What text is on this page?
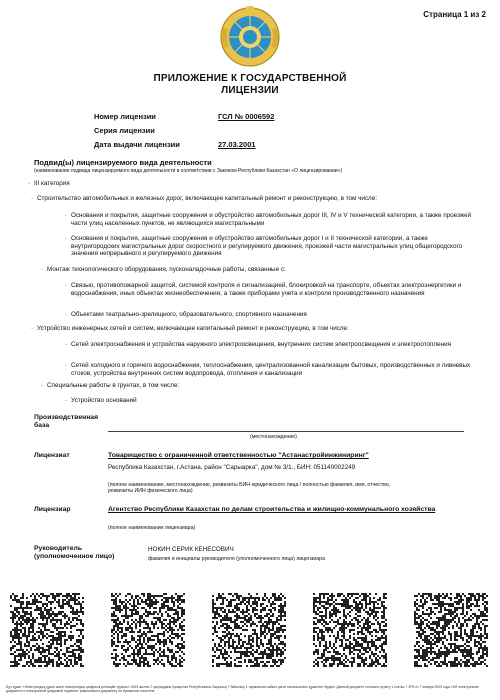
Страница 1 из 2
ПРИЛОЖЕНИЕ К ГОСУДАРСТВЕННОЙ
ЛИЦЕНЗИИ
Номер лицензии	ГСЛ № 0006592
Серия лицензии
Дата выдачи лицензии	27.03.2001
Подвид(ы) лицензируемого вида деятельности
(наименование подвида лицензируемого вида деятельности в соответствии с Законом Республики Казахстан «О лицензировании»)
· III категория
· Строительство автомобильных и железных дорог, включающее капитальный ремонт и реконструкцию, в том числе:
· Основания и покрытия, защитные сооружения и обустройство автомобильных дорог III, IV и V технической категории, а также проезжей части улиц населенных пунктов, не являющихся магистральными
· Основания и покрытия, защитные сооружения и обустройство автомобильных дорог I и II технической категории, а также внутригородских магистральных дорог скоростного и регулируемого движения, проезжей части магистральных улиц общегородского значения непрерывного и регулируемого движения
· Монтаж технологического оборудования, пусконаладочные работы, связанные с:
· Связью, противопожарной защитой, системой контроля и сигнализацией, блокировкой на транспорте, объектах электроэнергетики и водоснабжения, иных объектах жизнеобеспечения, а также приборами учета и контроля производственного назначения
· Объектами театрально-зрелищного, образовательного, спортивного назначения
· Устройство инженерных сетей и систем, включающее капитальный ремонт и реконструкцию, в том числе:
· Сетей электроснабжения и устройства наружного электроосвещения, внутренних систем электроосвещения и электроотопления
· Сетей холодного и горячего водоснабжения, теплоснабжения, централизованной канализации бытовых, производственных и ливневых стоков, устройства внутренних систем водопровода, отопления и канализации
· Специальные работы в грунтах, в том числе:
· Устройство оснований
Производственная база
(местонахождение)
Лицензиат	Товарищество с ограниченной ответственностью "Астанастройинжиниринг"
Республика Казахстан, г.Астана, район "Сарыарка", дом № 3/1., БИН: 051140002249
(полное наименование, местонахождение, реквизиты БИН юридического лица / полностью фамилия, имя, отчество, реквизиты ИИН физического лица)
Лицензиар	Агентство Республики Казахстан по делам строительства и жилищно-коммунального хозяйства
(полное наименование лицензиара)
Руководитель (уполномоченное лицо)
НОКИН СЕРИК КЕНЕСОВИЧ
фамилия и инициалы руководителя (уполномоченного лица) лицензиара
Бұл құжат «Электрондық құжат және электрондық цифрлық қолтаңба туралы» 2003 жылғы 7 қаңтардағы Қазақстан Республикасы Заңының 7 бабының 1 тармағына сәйкес қағаз тасығыштағы құжатпен бірдей. Данный документ согласно пункту 1 статьи 7 ЗРК от 7 января 2003 года «Об электронном документе и электронной цифровой подписи» равнозначен документу на бумажном носителе.
